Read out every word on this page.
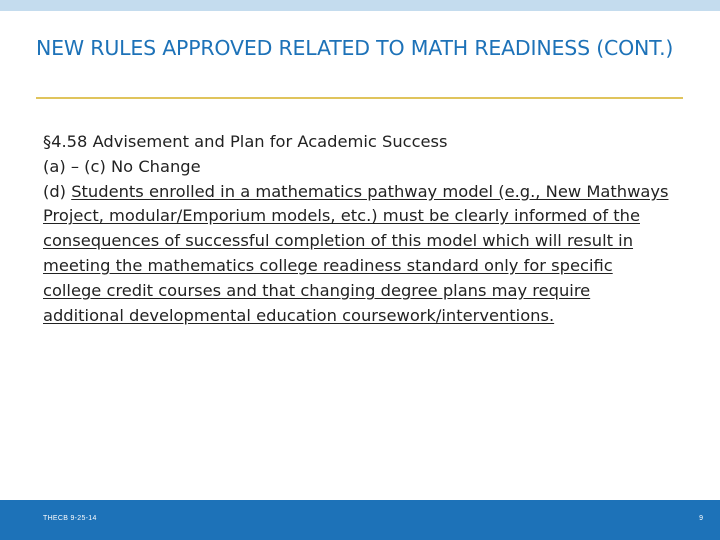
NEW RULES APPROVED RELATED TO MATH READINESS (CONT.)

§4.58 Advisement and Plan for Academic Success

(a) – (c) No Change

(d) Students enrolled in a mathematics pathway model (e.g., New Mathways Project, modular/Emporium models, etc.) must be clearly informed of the consequences of successful completion of this model which will result in meeting the mathematics college readiness standard only for specific college credit courses and that changing degree plans may require additional developmental education coursework/interventions.

THECB 9-25-14	9
